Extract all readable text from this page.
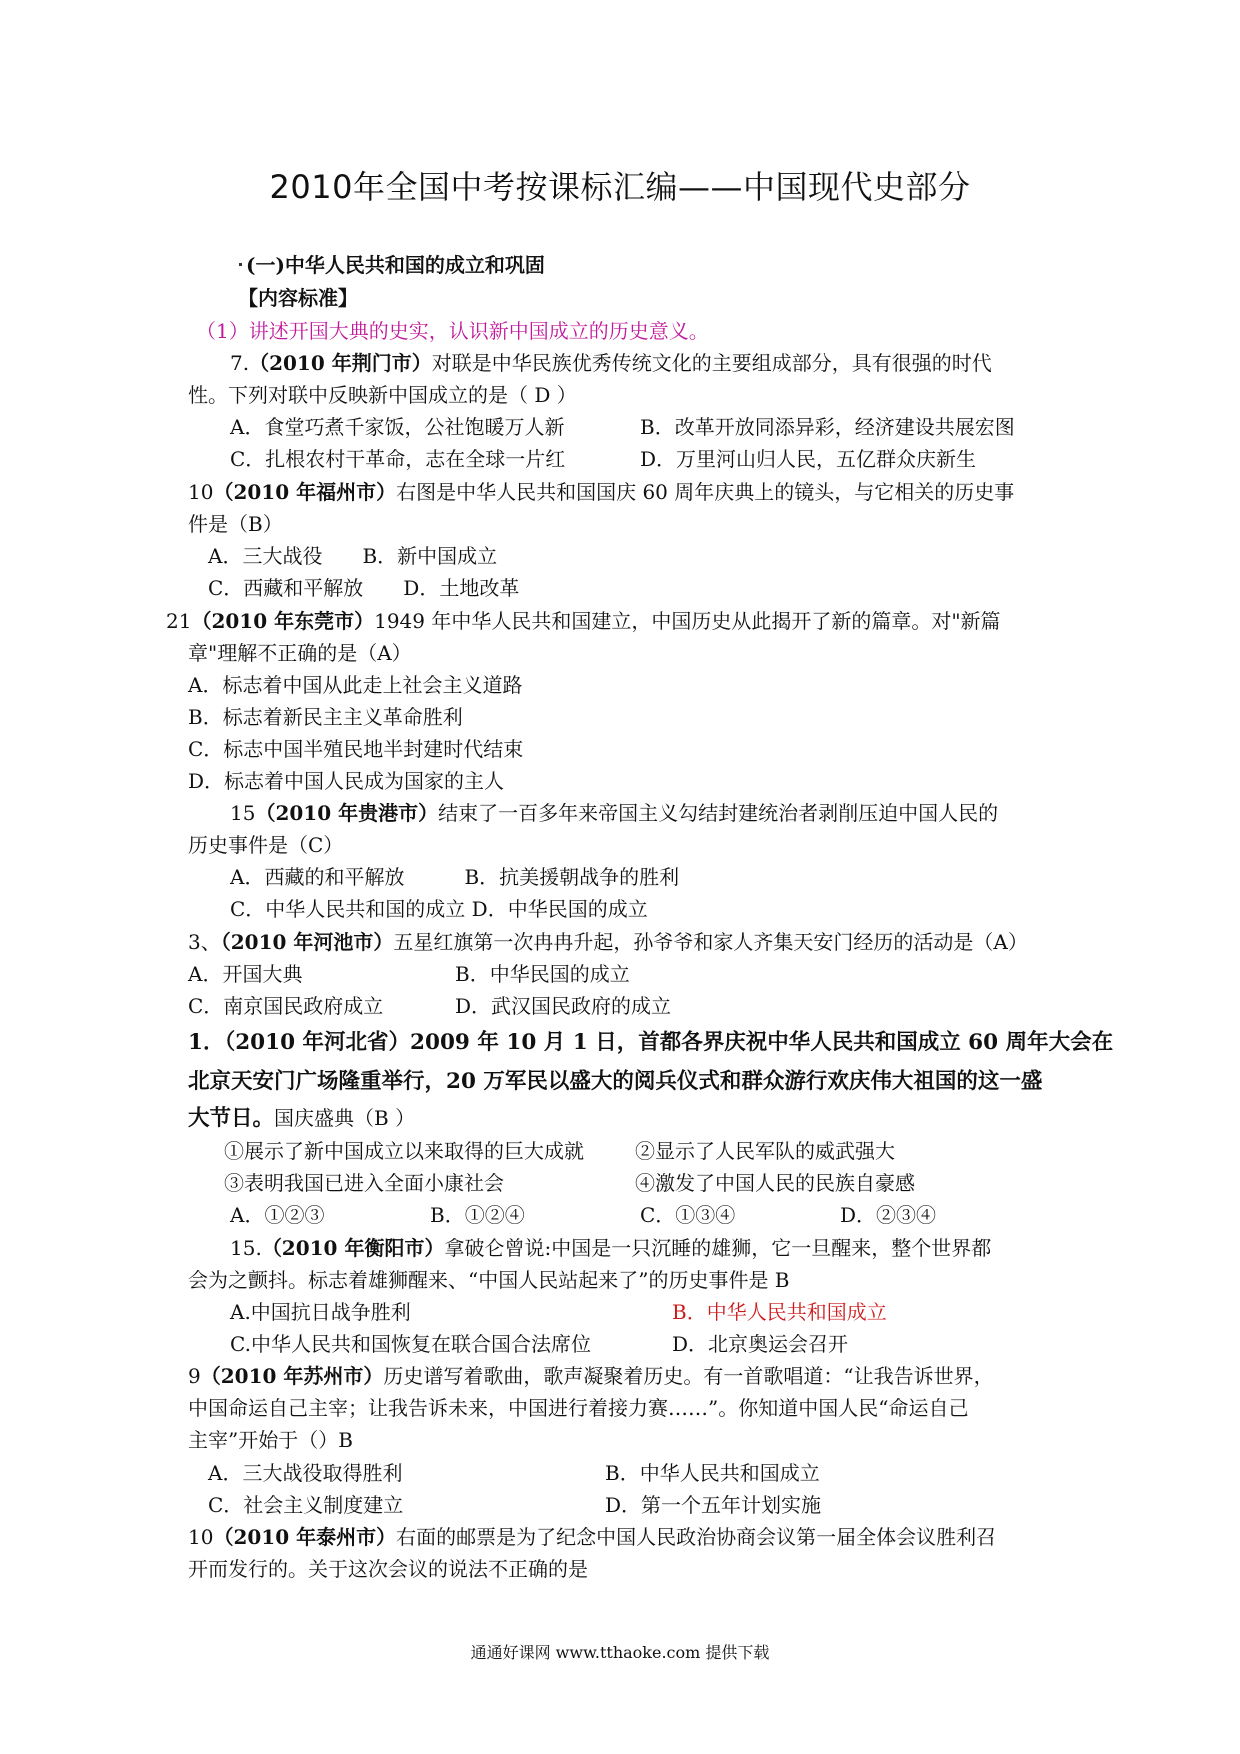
2010年全国中考按课标汇编——中国现代史部分
(一)中华人民共和国的成立和巩固
【内容标准】
（1）讲述开国大典的史实，认识新中国成立的历史意义。
7.（2010 年荆门市）对联是中华民族优秀传统文化的主要组成部分，具有很强的时代
性。下列对联中反映新中国成立的是（ D ）
A．食堂巧煮千家饭，公社饱暖万人新	B．改革开放同添异彩，经济建设共展宏图
C．扎根农村干革命，志在全球一片红	D．万里河山归人民，五亿群众庆新生
10（2010 年福州市）右图是中华人民共和国国庆 60 周年庆典上的镜头，与它相关的历史事
件是（B）
A．三大战役　　B．新中国成立
C．西藏和平解放　　D．土地改革
21（2010 年东莞市）1949 年中华人民共和国建立，中国历史从此揭开了新的篇章。对"新篇
章"理解不正确的是（A）
A．标志着中国从此走上社会主义道路
B．标志着新民主主义革命胜利
C．标志中国半殖民地半封建时代结束
D．标志着中国人民成为国家的主人
15（2010 年贵港市）结束了一百多年来帝国主义勾结封建统治者剥削压迫中国人民的
历史事件是（C）
A．西藏的和平解放　　　B．抗美援朝战争的胜利
C．中华人民共和国的成立 D．中华民国的成立
3、（2010 年河池市）五星红旗第一次冉冉升起，孙爷爷和家人齐集天安门经历的活动是（A）
A．开国大典	B．中华民国的成立
C．南京国民政府成立	D．武汉国民政府的成立
1．（2010 年河北省）2009 年 10 月 1 日，首都各界庆祝中华人民共和国成立 60 周年大会在
北京天安门广场隆重举行，20 万军民以盛大的阅兵仪式和群众游行欢庆伟大祖国的这一盛
大节日。国庆盛典（B ）
①展示了新中国成立以来取得的巨大成就	②显示了人民军队的威武强大
③表明我国已进入全面小康社会	④激发了中国人民的民族自豪感
A．①②③	B．①②④	C．①③④	D．②③④
15.（2010 年衡阳市）拿破仑曾说:中国是一只沉睡的雄狮，它一旦醒来，整个世界都
会为之颤抖。标志着雄狮醒来、“中国人民站起来了”的历史事件是 B
A.中国抗日战争胜利	B．中华人民共和国成立
C.中华人民共和国恢复在联合国合法席位	D．北京奥运会召开
9（2010 年苏州市）历史谱写着歌曲，歌声凝聚着历史。有一首歌唱道：“让我告诉世界，
中国命运自己主宰；让我告诉未来，中国进行着接力赛……”。你知道中国人民“命运自己
主宰”开始于（）B
A．三大战役取得胜利	B．中华人民共和国成立
C．社会主义制度建立	D．第一个五年计划实施
10（2010 年泰州市）右面的邮票是为了纪念中国人民政治协商会议第一届全体会议胜利召
开而发行的。关于这次会议的说法不正确的是
通通好课网 www.tthaoke.com 提供下载
